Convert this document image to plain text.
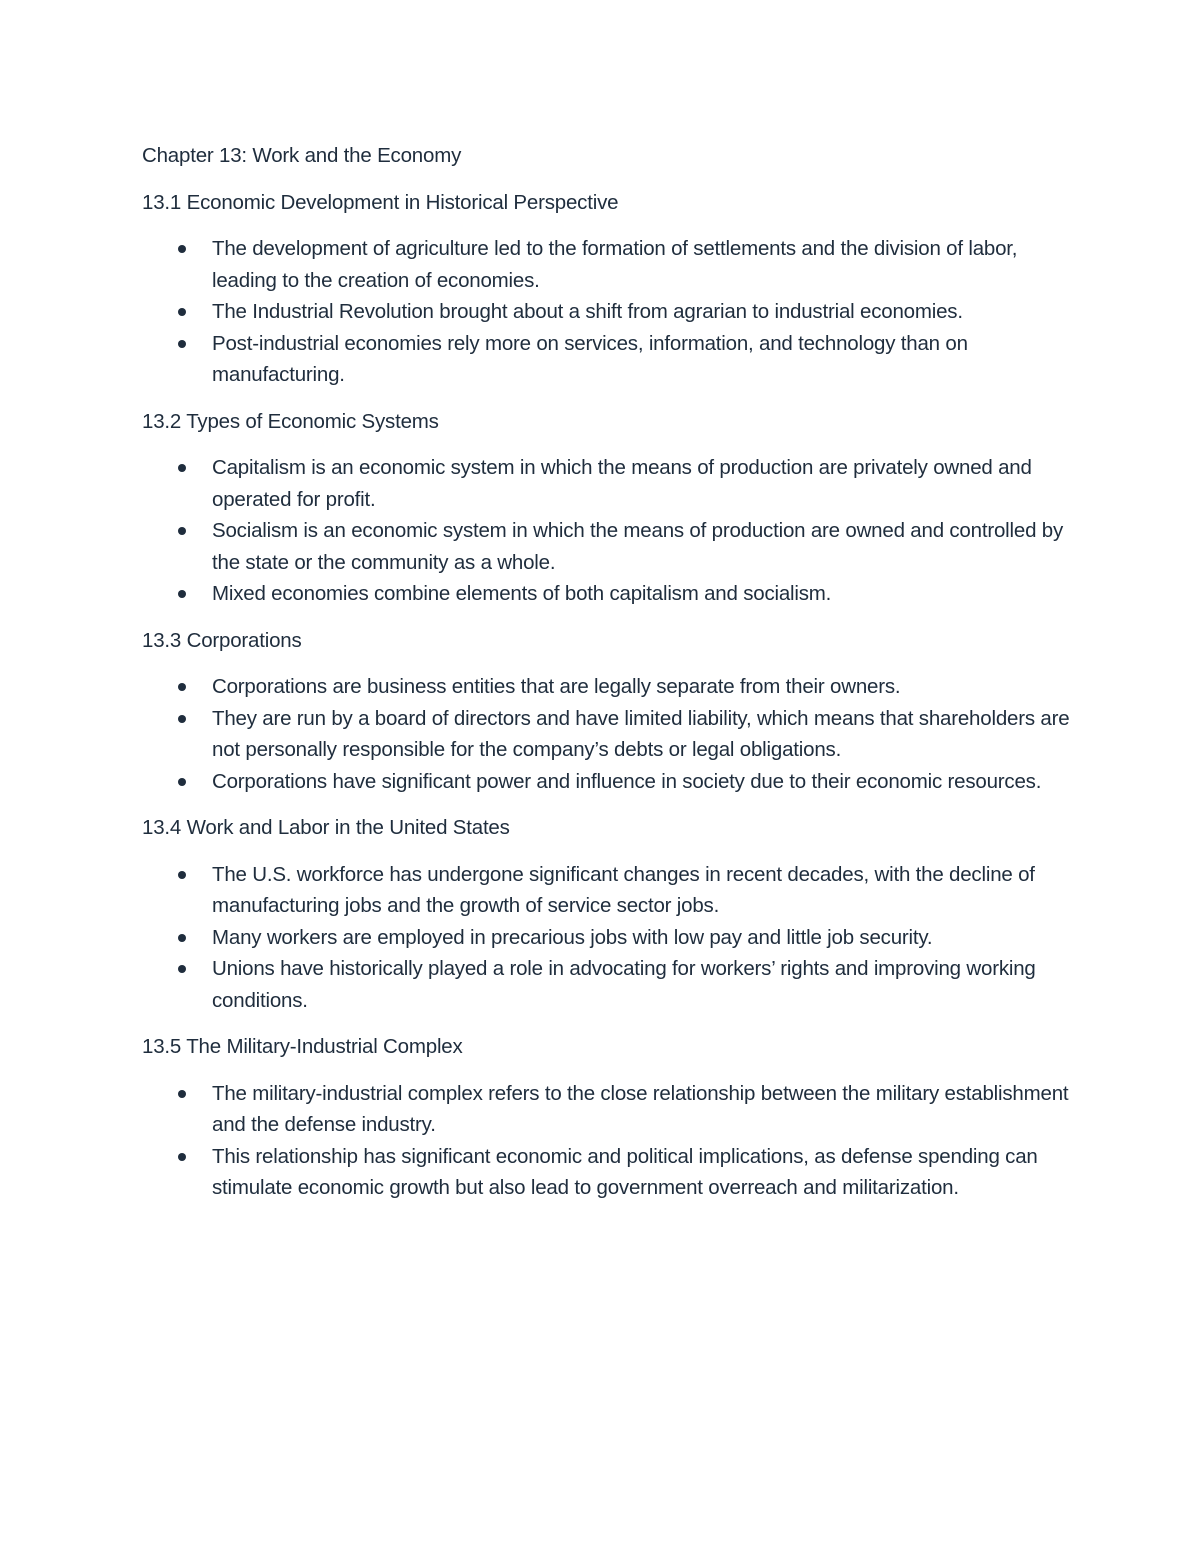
Chapter 13: Work and the Economy

13.1 Economic Development in Historical Perspective

The development of agriculture led to the formation of settlements and the division of labor, leading to the creation of economies.
The Industrial Revolution brought about a shift from agrarian to industrial economies.
Post-industrial economies rely more on services, information, and technology than on manufacturing.

13.2 Types of Economic Systems

Capitalism is an economic system in which the means of production are privately owned and operated for profit.
Socialism is an economic system in which the means of production are owned and controlled by the state or the community as a whole.
Mixed economies combine elements of both capitalism and socialism.

13.3 Corporations

Corporations are business entities that are legally separate from their owners.
They are run by a board of directors and have limited liability, which means that shareholders are not personally responsible for the company’s debts or legal obligations.
Corporations have significant power and influence in society due to their economic resources.

13.4 Work and Labor in the United States

The U.S. workforce has undergone significant changes in recent decades, with the decline of manufacturing jobs and the growth of service sector jobs.
Many workers are employed in precarious jobs with low pay and little job security.
Unions have historically played a role in advocating for workers’ rights and improving working conditions.

13.5 The Military-Industrial Complex

The military-industrial complex refers to the close relationship between the military establishment and the defense industry.
This relationship has significant economic and political implications, as defense spending can stimulate economic growth but also lead to government overreach and militarization.
